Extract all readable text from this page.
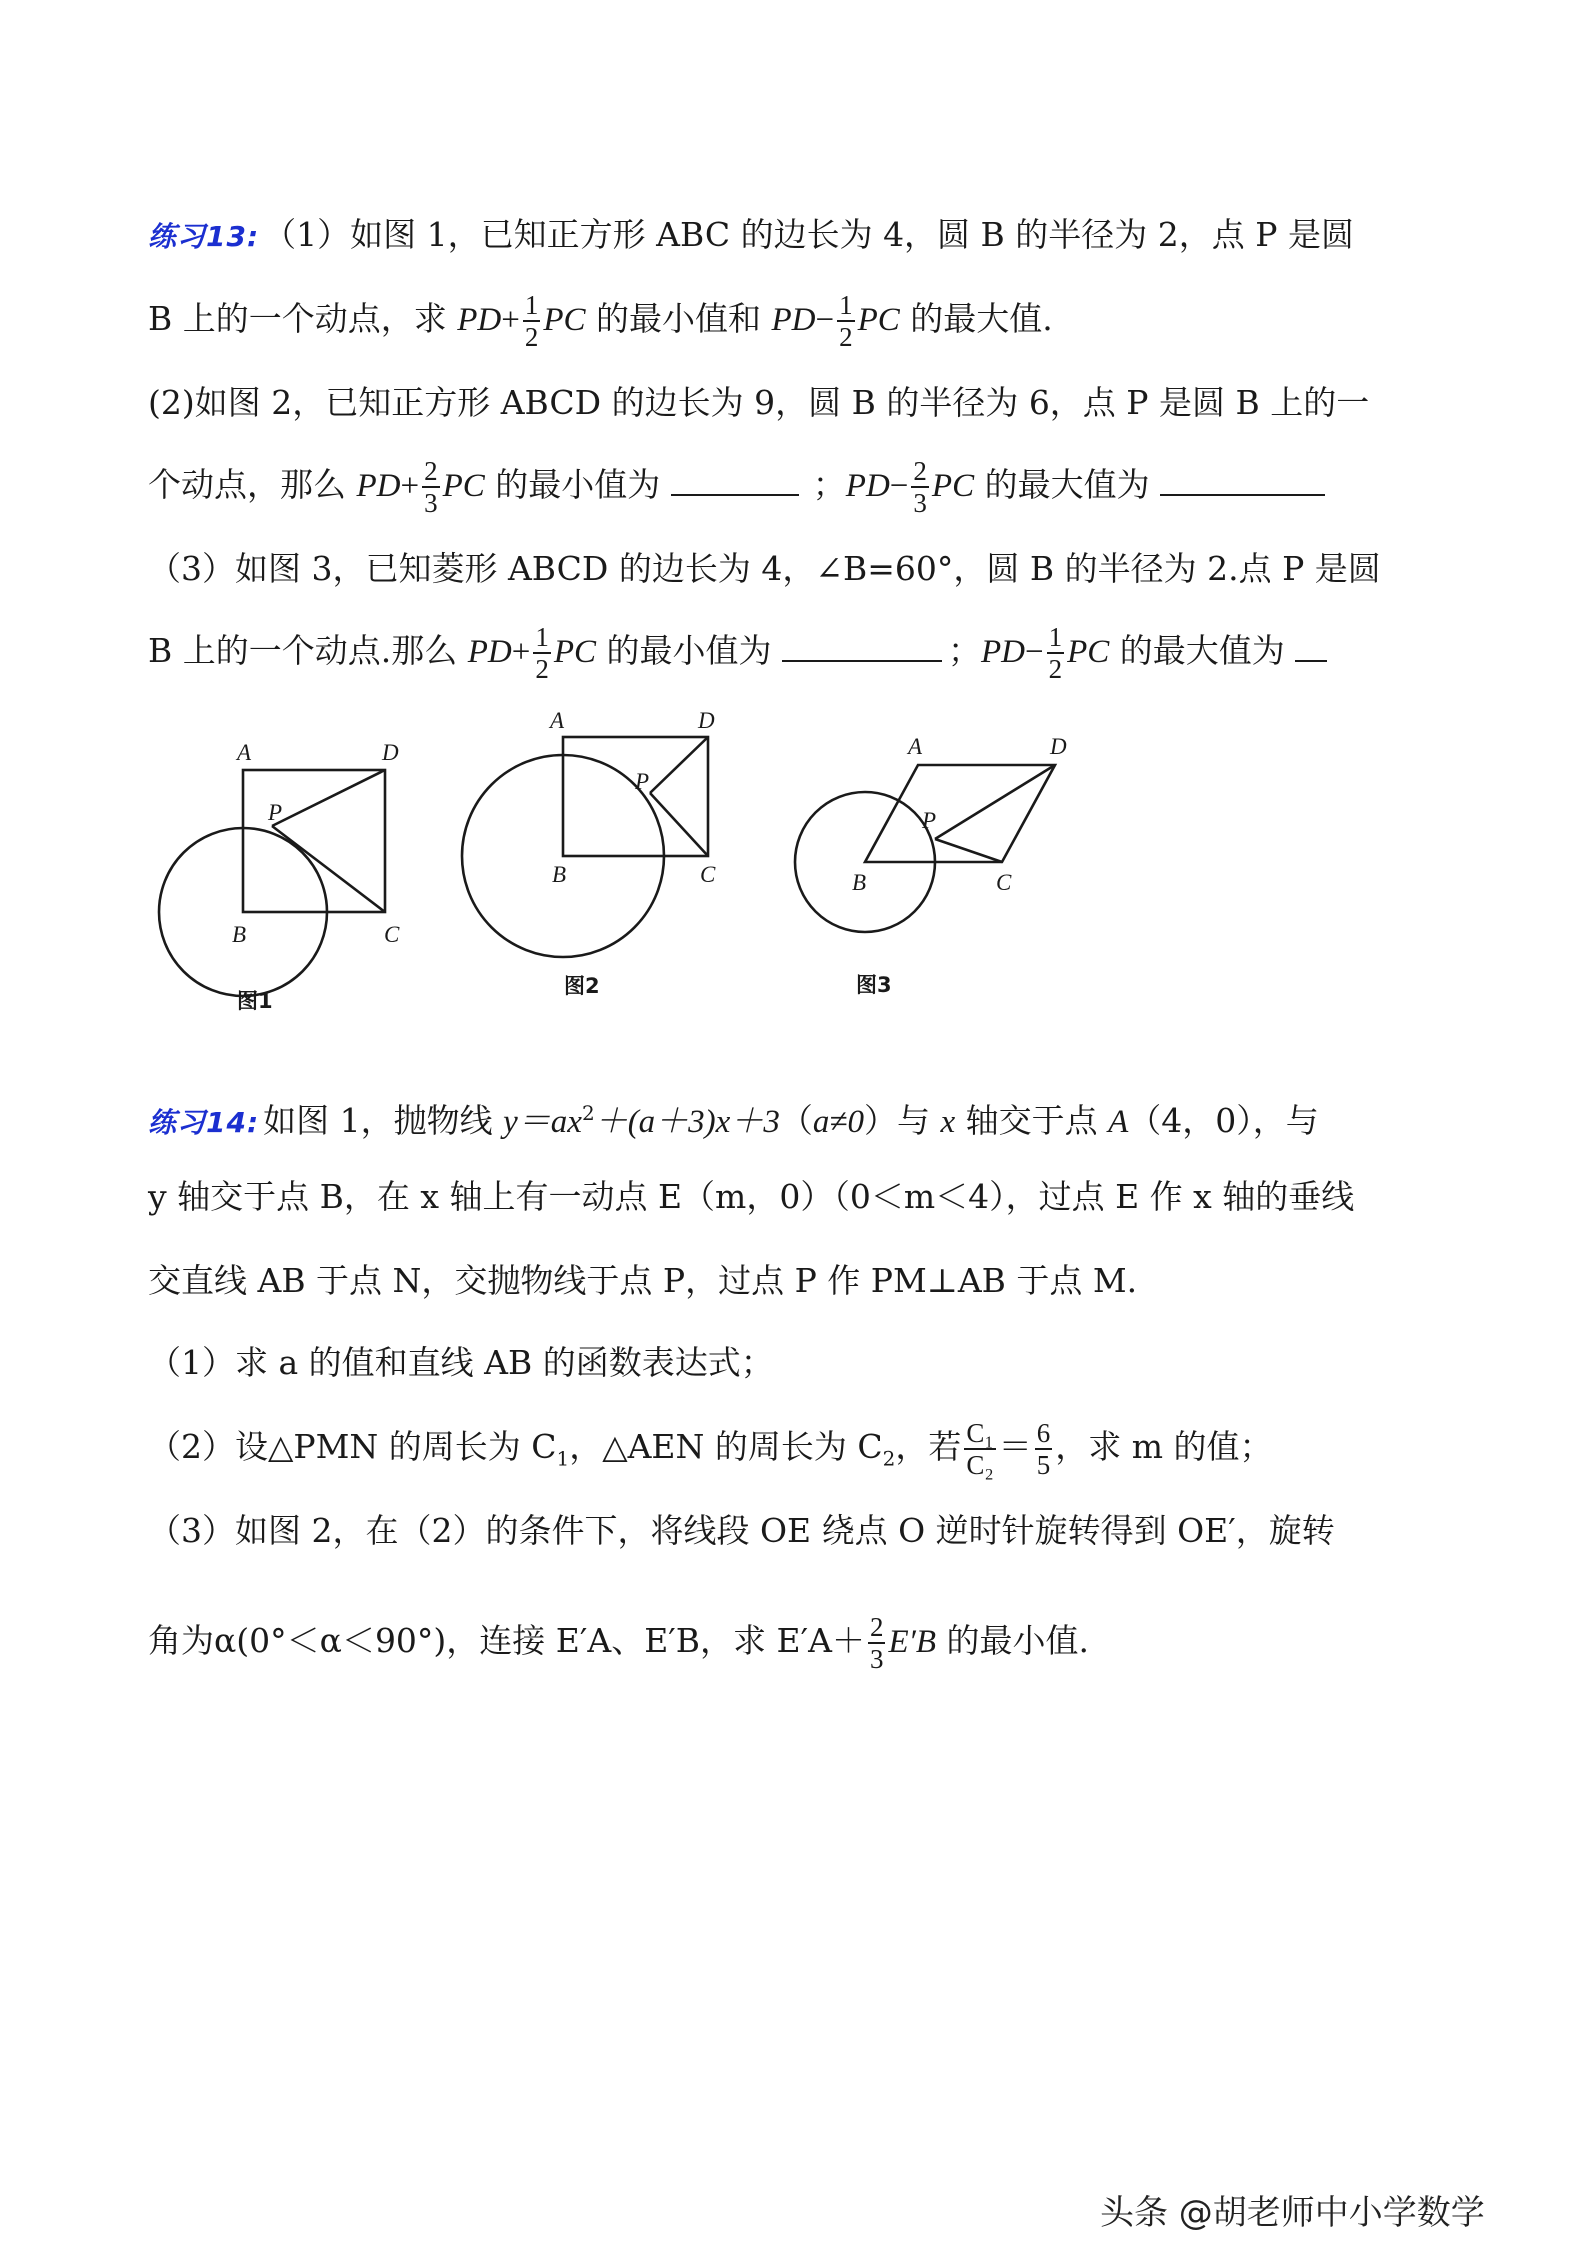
练习13: （1）如图 1，已知正方形 ABC 的边长为 4，圆 B 的半径为 2，点 P 是圆
B 上的一个动点，求 $PD+ \frac{1}{2}$ PC 的最小值和 $PD- \frac{1}{2}$ PC 的最大值.
(2)如图 2，已知正方形 ABCD 的边长为 9，圆 B 的半径为 6，点 P 是圆 B 上的一
个动点，那么 $PD+ \frac{2}{3}$ PC 的最小值为	；$PD- \frac{2}{3}$ PC 的最大值为
（3）如图 3，已知菱形 ABCD 的边长为 4，∠B=60°，圆 B 的半径为 2.点 P 是圆
B 上的一个动点.那么 $PD+ \frac{1}{2}$ PC 的最小值为	；$PD- \frac{1}{2}$ PC 的最大值为
A	D
P
B	C
A	D
P
B	C
A	D
P
B	C
图1
图2	图3
练习14: 如图 1，抛物线 $y=ax^2+(a+3)x+3(a\ne 0)$与 x 轴交于点 A（4，0），与
y 轴交于点 B，在 x 轴上有一动点 E（m，0）（0＜m＜4），过点 E 作 x 轴的垂线
交直线 AB 于点 N，交抛物线于点 P，过点 P 作 PM⊥AB 于点 M.
（1）求 a 的值和直线 AB 的函数表达式；
（2）设△PMN 的周长为 $C_1$，△AEN 的周长为 $C_2$，若 $\frac{\text{C₁}}{\text{C₂}} = \frac{6}{5}$ ，求 m 的值；
（3）如图 2，在（2）的条件下，将线段 OE 绕点 O 逆时针旋转得到 OE′，旋转
角为α(0°＜α＜90°)，连接 E′A、E′B，求 $E'A+ \frac{2}{3} E'B$ 的最小值.
头条 @胡老师中小学数学
